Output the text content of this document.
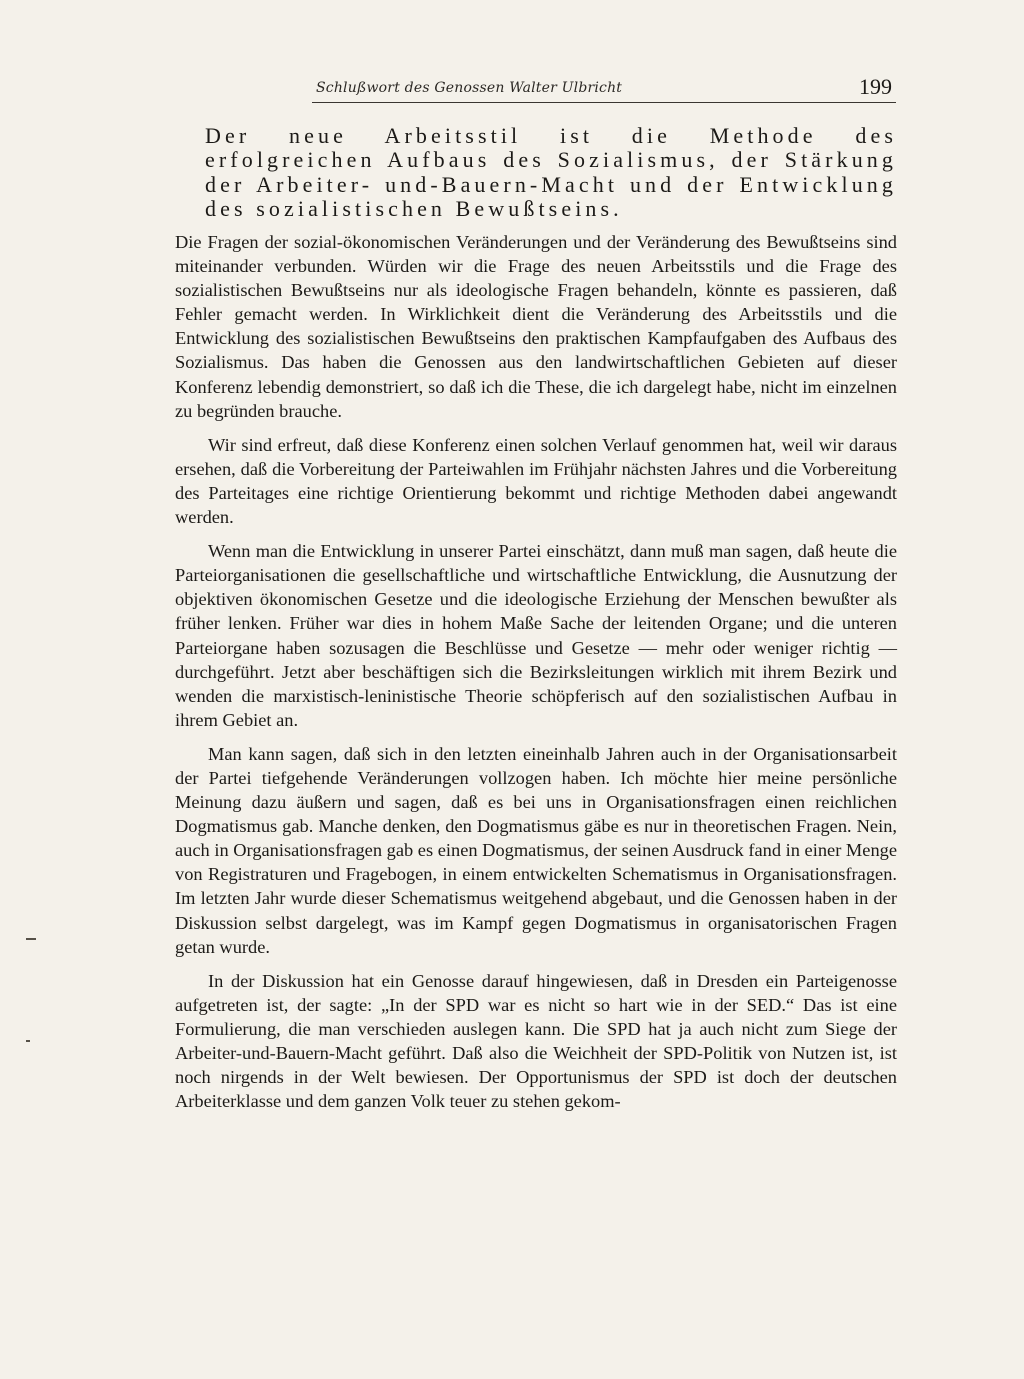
Schlußwort des Genossen Walter Ulbricht	199

Der neue Arbeitsstil ist die Methode des erfolgreichen Aufbaus des Sozialismus, der Stärkung der Arbeiter- und-Bauern-Macht und der Entwicklung des sozialistischen Bewußtseins.

Die Fragen der sozial-ökonomischen Veränderungen und der Veränderung des Bewußtseins sind miteinander verbunden. Würden wir die Frage des neuen Arbeitsstils und die Frage des sozialistischen Bewußtseins nur als ideologische Fragen behandeln, könnte es passieren, daß Fehler gemacht werden. In Wirklichkeit dient die Veränderung des Arbeitsstils und die Entwicklung des sozialistischen Bewußtseins den praktischen Kampfaufgaben des Aufbaus des Sozialismus. Das haben die Genossen aus den landwirtschaftlichen Gebieten auf dieser Konferenz lebendig demonstriert, so daß ich die These, die ich dargelegt habe, nicht im einzelnen zu begründen brauche.

Wir sind erfreut, daß diese Konferenz einen solchen Verlauf genommen hat, weil wir daraus ersehen, daß die Vorbereitung der Parteiwahlen im Frühjahr nächsten Jahres und die Vorbereitung des Parteitages eine richtige Orientierung bekommt und richtige Methoden dabei angewandt werden.

Wenn man die Entwicklung in unserer Partei einschätzt, dann muß man sagen, daß heute die Parteiorganisationen die gesellschaftliche und wirtschaftliche Entwicklung, die Ausnutzung der objektiven ökonomischen Gesetze und die ideologische Erziehung der Menschen bewußter als früher lenken. Früher war dies in hohem Maße Sache der leitenden Organe; und die unteren Parteiorgane haben sozusagen die Beschlüsse und Gesetze — mehr oder weniger richtig — durchgeführt. Jetzt aber beschäftigen sich die Bezirksleitungen wirklich mit ihrem Bezirk und wenden die marxistisch-leninistische Theorie schöpferisch auf den sozialistischen Aufbau in ihrem Gebiet an.

Man kann sagen, daß sich in den letzten eineinhalb Jahren auch in der Organisationsarbeit der Partei tiefgehende Veränderungen vollzogen haben. Ich möchte hier meine persönliche Meinung dazu äußern und sagen, daß es bei uns in Organisationsfragen einen reichlichen Dogmatismus gab. Manche denken, den Dogmatismus gäbe es nur in theoretischen Fragen. Nein, auch in Organisationsfragen gab es einen Dogmatismus, der seinen Ausdruck fand in einer Menge von Registraturen und Fragebogen, in einem entwickelten Schematismus in Organisationsfragen. Im letzten Jahr wurde dieser Schematismus weitgehend abgebaut, und die Genossen haben in der Diskussion selbst dargelegt, was im Kampf gegen Dogmatismus in organisatorischen Fragen getan wurde.

In der Diskussion hat ein Genosse darauf hingewiesen, daß in Dresden ein Parteigenosse aufgetreten ist, der sagte: „In der SPD war es nicht so hart wie in der SED.“ Das ist eine Formulierung, die man verschieden auslegen kann. Die SPD hat ja auch nicht zum Siege der Arbeiter-und-Bauern-Macht geführt. Daß also die Weichheit der SPD-Politik von Nutzen ist, ist noch nirgends in der Welt bewiesen. Der Opportunismus der SPD ist doch der deutschen Arbeiterklasse und dem ganzen Volk teuer zu stehen gekom-
